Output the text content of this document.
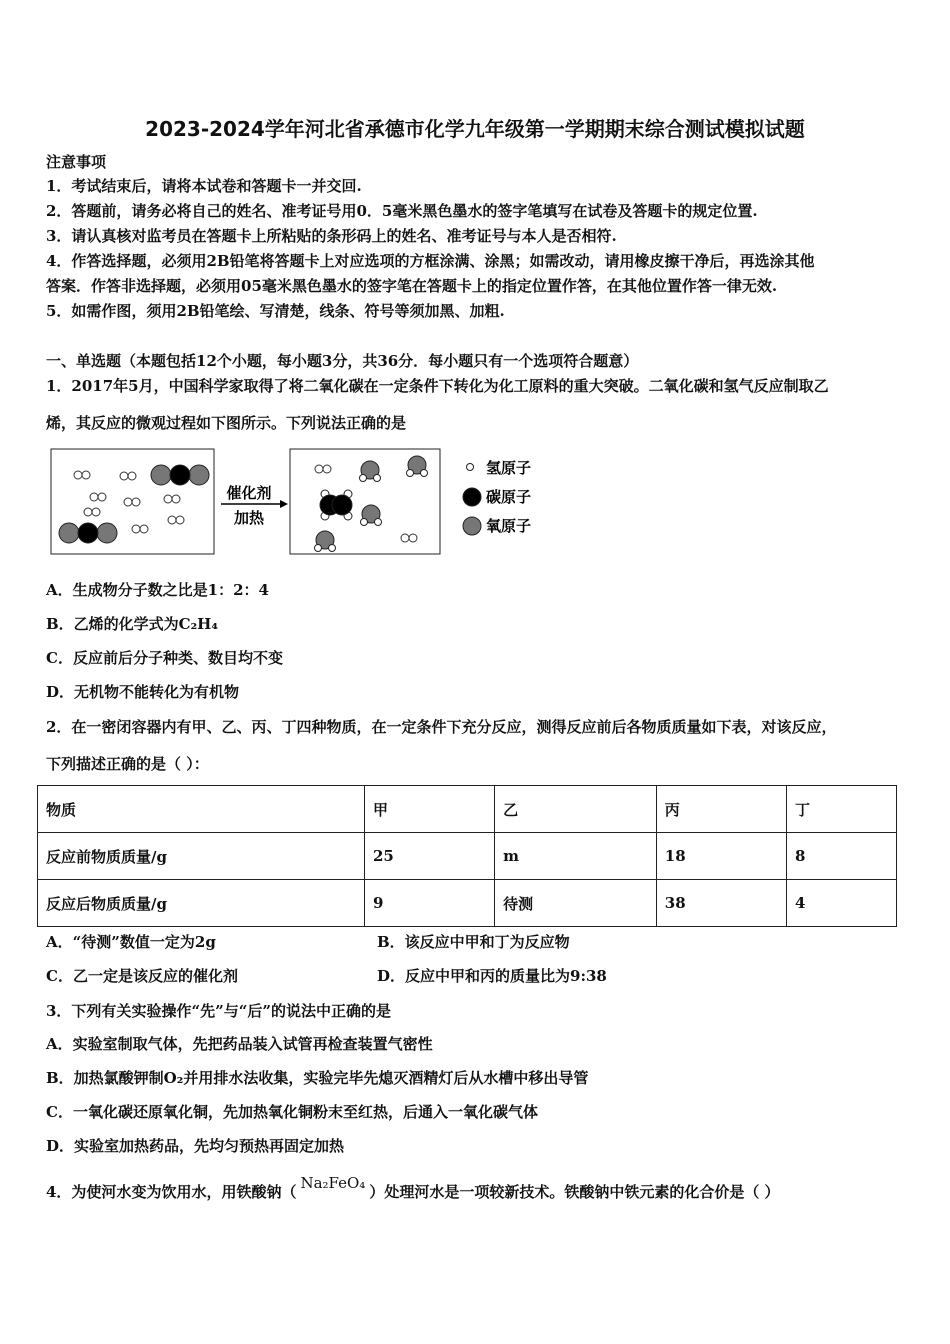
2023-2024学年河北省承德市化学九年级第一学期期末综合测试模拟试题
注意事项
1．考试结束后，请将本试卷和答题卡一并交回.
2．答题前，请务必将自己的姓名、准考证号用0．5毫米黑色墨水的签字笔填写在试卷及答题卡的规定位置.
3．请认真核对监考员在答题卡上所粘贴的条形码上的姓名、准考证号与本人是否相符.
4．作答选择题，必须用2B铅笔将答题卡上对应选项的方框涂满、涂黑；如需改动，请用橡皮擦干净后，再选涂其他
答案．作答非选择题，必须用05毫米黑色墨水的签字笔在答题卡上的指定位置作答，在其他位置作答一律无效.
5．如需作图，须用2B铅笔绘、写清楚，线条、符号等须加黑、加粗.
一、单选题（本题包括12个小题，每小题3分，共36分．每小题只有一个选项符合题意）
1．2017年5月，中国科学家取得了将二氧化碳在一定条件下转化为化工原料的重大突破。二氧化碳和氢气反应制取乙
烯，其反应的微观过程如下图所示。下列说法正确的是
催化剂
加热
氢原子
碳原子
氧原子
A．生成物分子数之比是1：2：4
B．乙烯的化学式为C₂H₄
C．反应前后分子种类、数目均不变
D．无机物不能转化为有机物
2．在一密闭容器内有甲、乙、丙、丁四种物质，在一定条件下充分反应，测得反应前后各物质质量如下表，对该反应，
下列描述正确的是（ ）：
物质	甲	乙	丙	丁
反应前物质质量/g	25	m	18	8
反应后物质质量/g	9	待测	38	4
A．“待测”数值一定为2g	B．该反应中甲和丁为反应物
C．乙一定是该反应的催化剂	D．反应中甲和丙的质量比为9:38
3．下列有关实验操作“先”与“后”的说法中正确的是
A．实验室制取气体，先把药品装入试管再检查装置气密性
B．加热氯酸钾制O₂并用排水法收集，实验完毕先熄灭酒精灯后从水槽中移出导管
C．一氧化碳还原氧化铜，先加热氧化铜粉末至红热，后通入一氧化碳气体
D．实验室加热药品，先均匀预热再固定加热
4．为使河水变为饮用水，用铁酸钠（ Na₂FeO₄ ）处理河水是一项较新技术。铁酸钠中铁元素的化合价是（ ）
